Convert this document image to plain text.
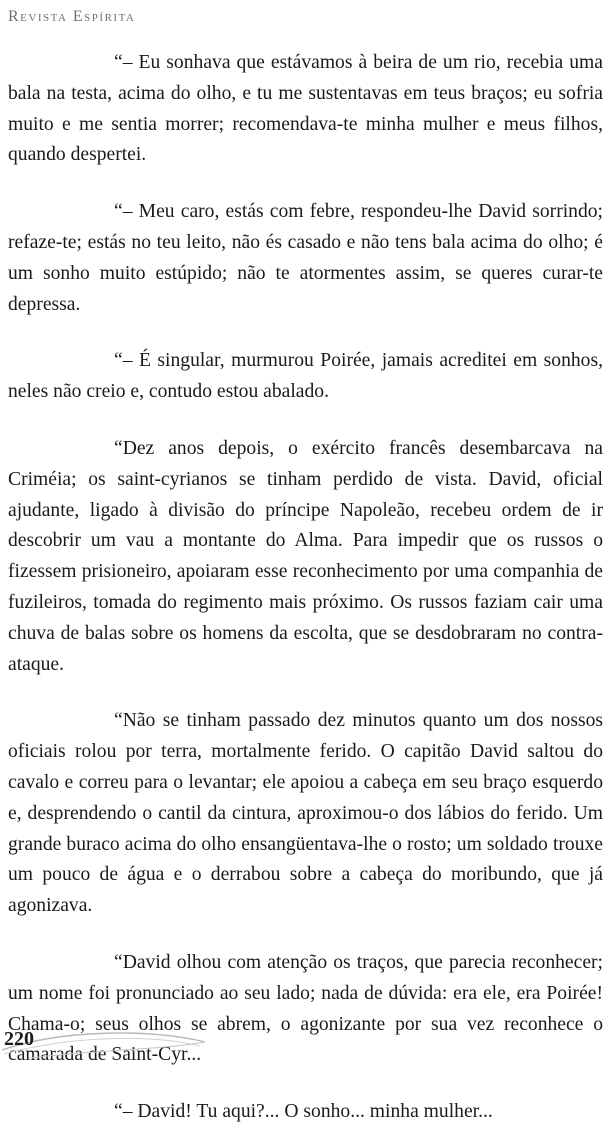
Revista Espírita

“– Eu sonhava que estávamos à beira de um rio, recebia uma bala na testa, acima do olho, e tu me sustentavas em teus braços; eu sofria muito e me sentia morrer; recomendava-te minha mulher e meus filhos, quando despertei.

“– Meu caro, estás com febre, respondeu-lhe David sorrindo; refaze-te; estás no teu leito, não és casado e não tens bala acima do olho; é um sonho muito estúpido; não te atormentes assim, se queres curar-te depressa.

“– É singular, murmurou Poirée, jamais acreditei em sonhos, neles não creio e, contudo estou abalado.

“Dez anos depois, o exército francês desembarcava na Criméia; os saint-cyrianos se tinham perdido de vista. David, oficial ajudante, ligado à divisão do príncipe Napoleão, recebeu ordem de ir descobrir um vau a montante do Alma. Para impedir que os russos o fizessem prisioneiro, apoiaram esse reconhecimento por uma companhia de fuzileiros, tomada do regimento mais próximo. Os russos faziam cair uma chuva de balas sobre os homens da escolta, que se desdobraram no contra-ataque.

“Não se tinham passado dez minutos quanto um dos nossos oficiais rolou por terra, mortalmente ferido. O capitão David saltou do cavalo e correu para o levantar; ele apoiou a cabeça em seu braço esquerdo e, desprendendo o cantil da cintura, aproximou-o dos lábios do ferido. Um grande buraco acima do olho ensangüentava-lhe o rosto; um soldado trouxe um pouco de água e o derrabou sobre a cabeça do moribundo, que já agonizava.

“David olhou com atenção os traços, que parecia reconhecer; um nome foi pronunciado ao seu lado; nada de dúvida: era ele, era Poirée! Chama-o; seus olhos se abrem, o agonizante por sua vez reconhece o camarada de Saint-Cyr...

“– David! Tu aqui?... O sonho... minha mulher...

220
